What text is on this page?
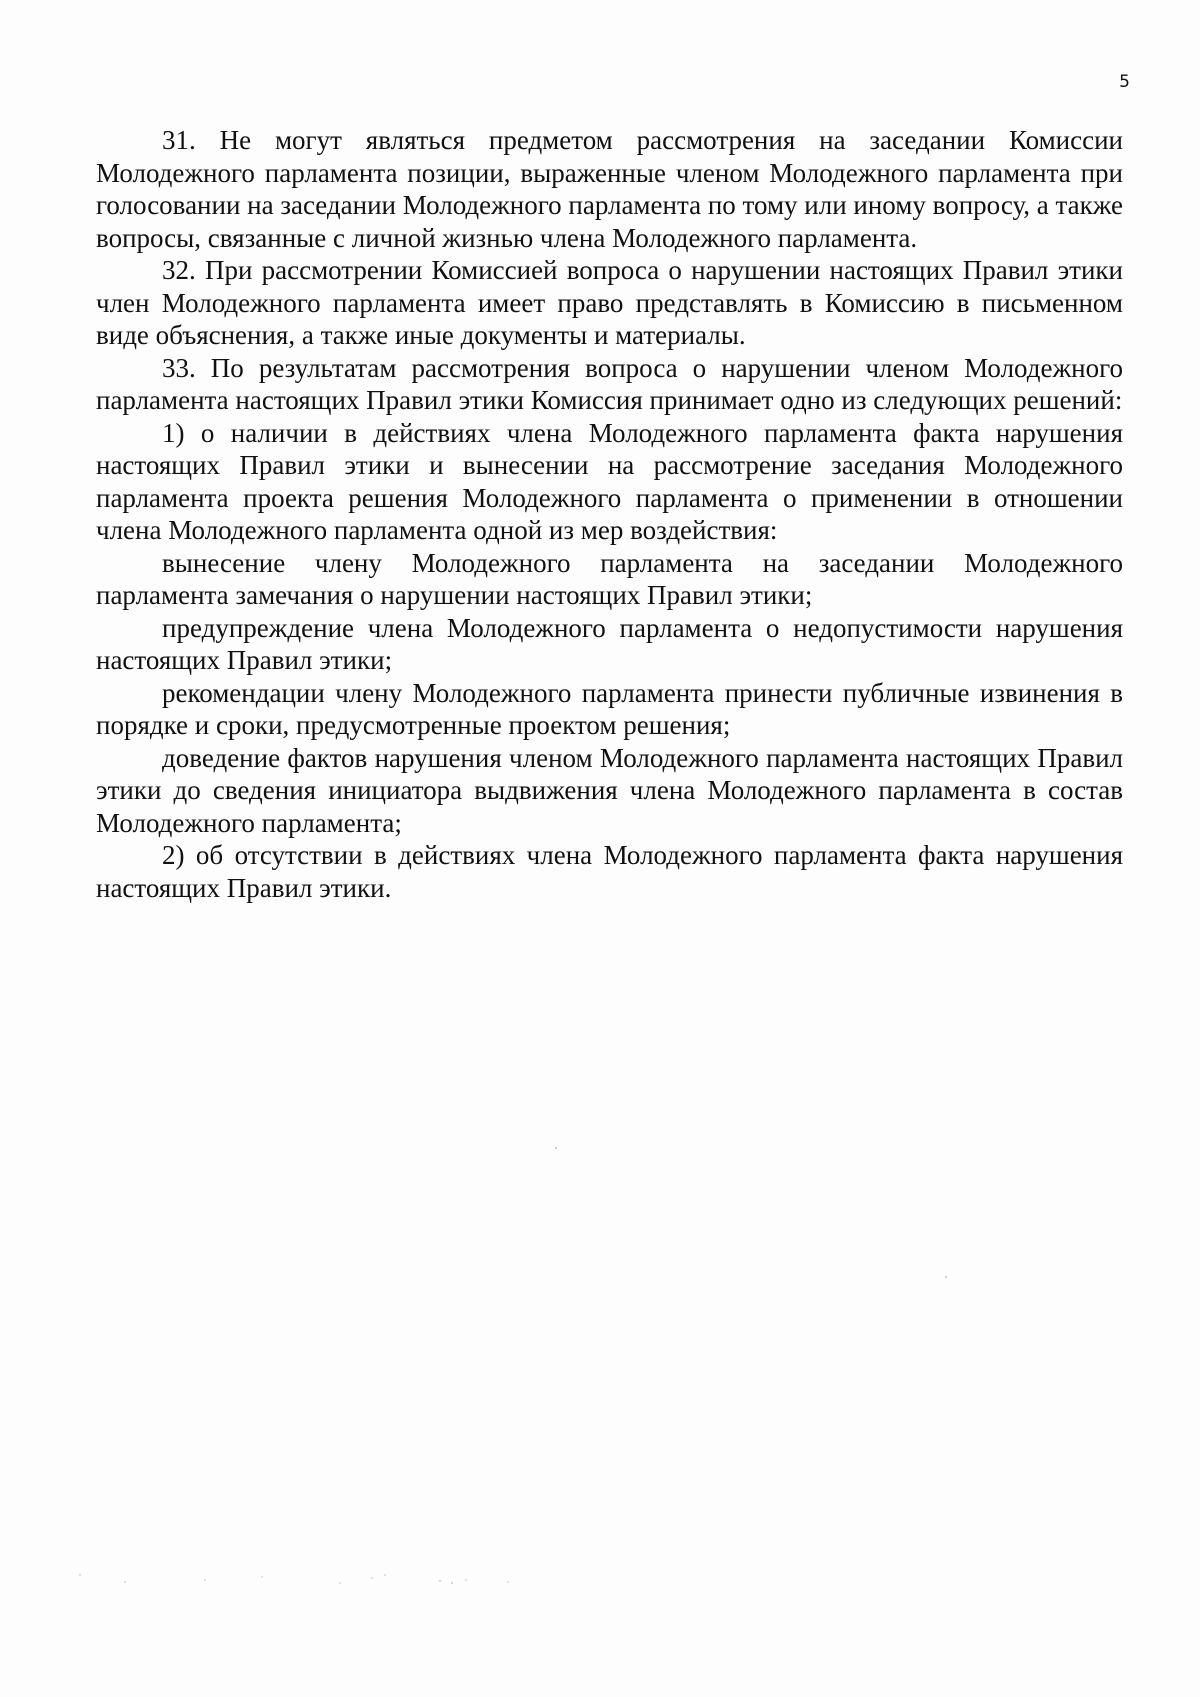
5

31. Не могут являться предметом рассмотрения на заседании Комиссии Молодежного парламента позиции, выраженные членом Молодежного парламента при голосовании на заседании Молодежного парламента по тому или иному вопросу, а также вопросы, связанные с личной жизнью члена Молодежного парламента.

32. При рассмотрении Комиссией вопроса о нарушении настоящих Правил этики член Молодежного парламента имеет право представлять в Комиссию в письменном виде объяснения, а также иные документы и материалы.

33. По результатам рассмотрения вопроса о нарушении членом Молодежного парламента настоящих Правил этики Комиссия принимает одно из следующих решений:

1) о наличии в действиях члена Молодежного парламента факта нарушения настоящих Правил этики и вынесении на рассмотрение заседания Молодежного парламента проекта решения Молодежного парламента о применении в отношении члена Молодежного парламента одной из мер воздействия:

вынесение члену Молодежного парламента на заседании Молодежного парламента замечания о нарушении настоящих Правил этики;

предупреждение члена Молодежного парламента о недопустимости нарушения настоящих Правил этики;

рекомендации члену Молодежного парламента принести публичные извинения в порядке и сроки, предусмотренные проектом решения;

доведение фактов нарушения членом Молодежного парламента настоящих Правил этики до сведения инициатора выдвижения члена Молодежного парламента в состав Молодежного парламента;

2) об отсутствии в действиях члена Молодежного парламента факта нарушения настоящих Правил этики.
